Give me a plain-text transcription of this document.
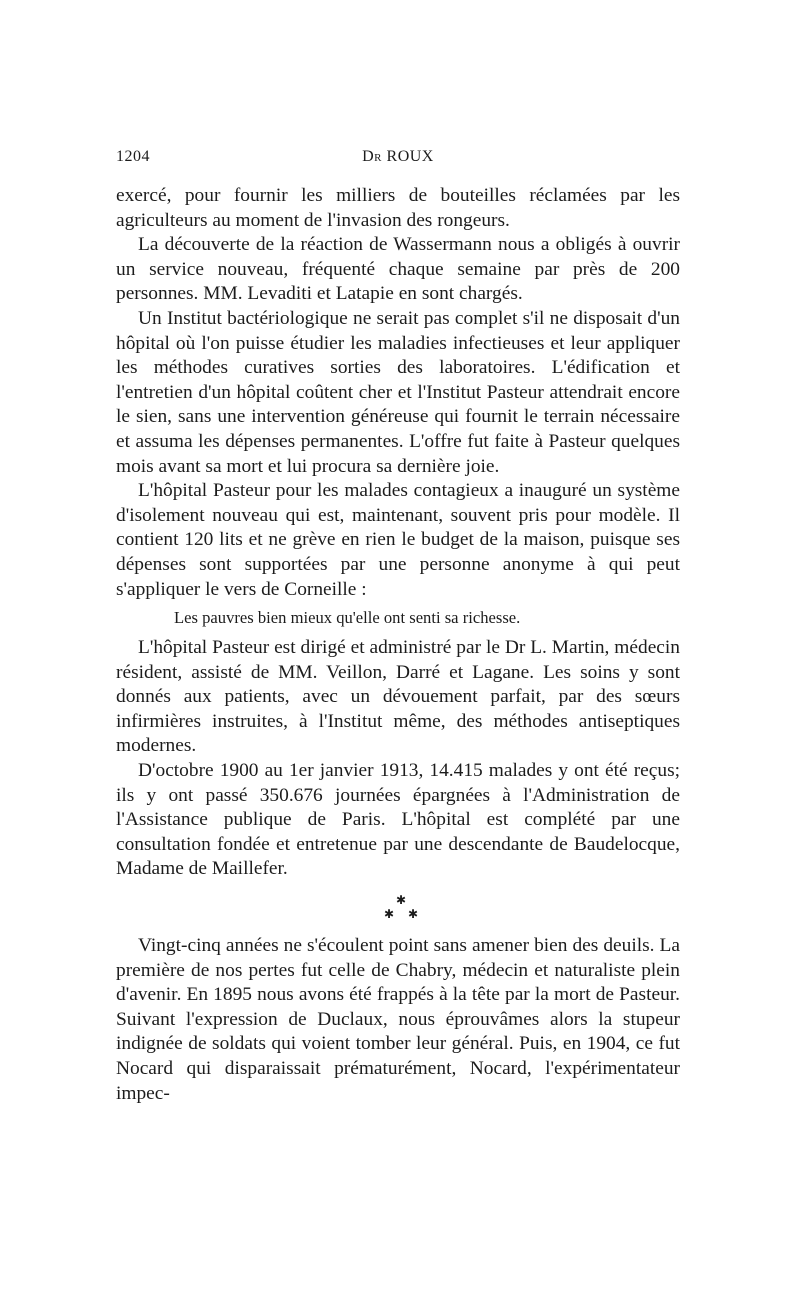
1204	Dr ROUX

exercé, pour fournir les milliers de bouteilles réclamées par les agriculteurs au moment de l'invasion des rongeurs.

La découverte de la réaction de Wassermann nous a obligés à ouvrir un service nouveau, fréquenté chaque semaine par près de 200 personnes. MM. Levaditi et Latapie en sont chargés.

Un Institut bactériologique ne serait pas complet s'il ne disposait d'un hôpital où l'on puisse étudier les maladies infectieuses et leur appliquer les méthodes curatives sorties des laboratoires. L'édification et l'entretien d'un hôpital coûtent cher et l'Institut Pasteur attendrait encore le sien, sans une intervention généreuse qui fournit le terrain nécessaire et assuma les dépenses permanentes. L'offre fut faite à Pasteur quelques mois avant sa mort et lui procura sa dernière joie.

L'hôpital Pasteur pour les malades contagieux a inauguré un système d'isolement nouveau qui est, maintenant, souvent pris pour modèle. Il contient 120 lits et ne grève en rien le budget de la maison, puisque ses dépenses sont supportées par une personne anonyme à qui peut s'appliquer le vers de Corneille :

Les pauvres bien mieux qu'elle ont senti sa richesse.

L'hôpital Pasteur est dirigé et administré par le Dr L. Martin, médecin résident, assisté de MM. Veillon, Darré et Lagane. Les soins y sont donnés aux patients, avec un dévouement parfait, par des sœurs infirmières instruites, à l'Institut même, des méthodes antiseptiques modernes.

D'octobre 1900 au 1er janvier 1913, 14.415 malades y ont été reçus; ils y ont passé 350.676 journées épargnées à l'Administration de l'Assistance publique de Paris. L'hôpital est complété par une consultation fondée et entretenue par une descendante de Baudelocque, Madame de Maillefer.

✱
✱ ✱

Vingt-cinq années ne s'écoulent point sans amener bien des deuils. La première de nos pertes fut celle de Chabry, médecin et naturaliste plein d'avenir. En 1895 nous avons été frappés à la tête par la mort de Pasteur. Suivant l'expression de Duclaux, nous éprouvâmes alors la stupeur indignée de soldats qui voient tomber leur général. Puis, en 1904, ce fut Nocard qui disparaissait prématurément, Nocard, l'expérimentateur impec-
